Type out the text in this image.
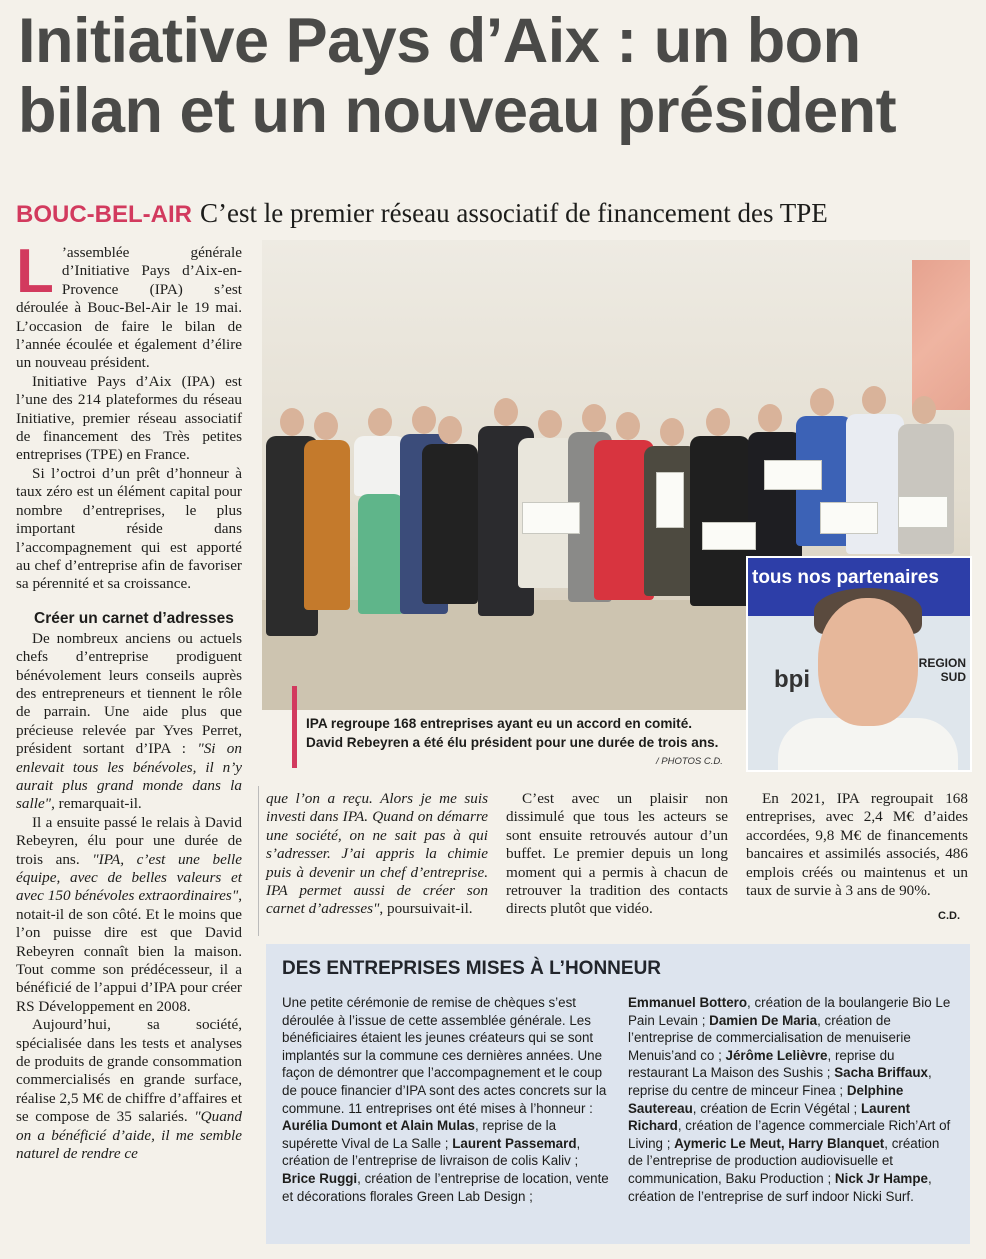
Initiative Pays d’Aix : un bon bilan et un nouveau président
BOUC-BEL-AIR C’est le premier réseau associatif de financement des TPE

L ’assemblée générale d’Initiative Pays d’Aix-en-Provence (IPA) s’est déroulée à Bouc-Bel-Air le 19 mai. L’occasion de faire le bilan de l’année écoulée et également d’élire un nouveau président.

Initiative Pays d’Aix (IPA) est l’une des 214 plateformes du réseau Initiative, premier réseau associatif de financement des Très petites entreprises (TPE) en France.

Si l’octroi d’un prêt d’honneur à taux zéro est un élément capital pour nombre d’entreprises, le plus important réside dans l’accompagnement qui est apporté au chef d’entreprise afin de favoriser sa pérennité et sa croissance.

Créer un carnet d’adresses

De nombreux anciens ou actuels chefs d’entreprise prodiguent bénévolement leurs conseils auprès des entrepreneurs et tiennent le rôle de parrain. Une aide plus que précieuse relevée par Yves Perret, président sortant d’IPA : "Si on enlevait tous les bénévoles, il n’y aurait plus grand monde dans la salle", remarquait-il.

Il a ensuite passé le relais à David Rebeyren, élu pour une durée de trois ans. "IPA, c’est une belle équipe, avec de belles valeurs et avec 150 bénévoles extraordinaires", notait-il de son côté. Et le moins que l’on puisse dire est que David Rebeyren connaît bien la maison. Tout comme son prédécesseur, il a bénéficié de l’appui d’IPA pour créer RS Développement en 2008.

Aujourd’hui, sa société, spécialisée dans les tests et analyses de produits de grande consommation commercialisés en grande surface, réalise 2,5 M€ de chiffre d’affaires et se compose de 35 salariés. "Quand on a bénéficié d’aide, il me semble naturel de rendre ce

tous nos partenaires
bpi
REGION
SUD
IPA regroupe 168 entreprises ayant eu un accord en comité.
David Rebeyren a été élu président pour une durée de trois ans.
/ PHOTOS C.D.

que l’on a reçu. Alors je me suis investi dans IPA. Quand on démarre une société, on ne sait pas à qui s’adresser. J’ai appris la chimie puis à devenir un chef d’entreprise. IPA permet aussi de créer son carnet d’adresses", poursuivait-il.

C’est avec un plaisir non dissimulé que tous les acteurs se sont ensuite retrouvés autour d’un buffet. Le premier depuis un long moment qui a permis à chacun de retrouver la tradition des contacts directs plutôt que vidéo.

En 2021, IPA regroupait 168 entreprises, avec 2,4 M€ d’aides accordées, 9,8 M€ de financements bancaires et assimilés associés, 486 emplois créés ou maintenus et un taux de survie à 3 ans de 90%.

C.D.
DES ENTREPRISES MISES À L’HONNEUR

Une petite cérémonie de remise de chèques s’est déroulée à l’issue de cette assemblée générale. Les bénéficiaires étaient les jeunes créateurs qui se sont implantés sur la commune ces dernières années. Une façon de démontrer que l’accompagnement et le coup de pouce financier d’IPA sont des actes concrets sur la commune. 11 entreprises ont été mises à l’honneur : Aurélia Dumont et Alain Mulas, reprise de la supérette Vival de La Salle ; Laurent Passemard, création de l’entreprise de livraison de colis Kaliv ; Brice Ruggi, création de l’entreprise de location, vente et décorations florales Green Lab Design ;

Emmanuel Bottero, création de la boulangerie Bio Le Pain Levain ; Damien De Maria, création de l’entreprise de commercialisation de menuiserie Menuis’and co ; Jérôme Lelièvre, reprise du restaurant La Maison des Sushis ; Sacha Briffaux, reprise du centre de minceur Finea ; Delphine Sautereau, création de Ecrin Végétal ; Laurent Richard, création de l’agence commerciale Rich’Art of Living ; Aymeric Le Meut, Harry Blanquet, création de l’entreprise de production audiovisuelle et communication, Baku Production ; Nick Jr Hampe, création de l’entreprise de surf indoor Nicki Surf.
